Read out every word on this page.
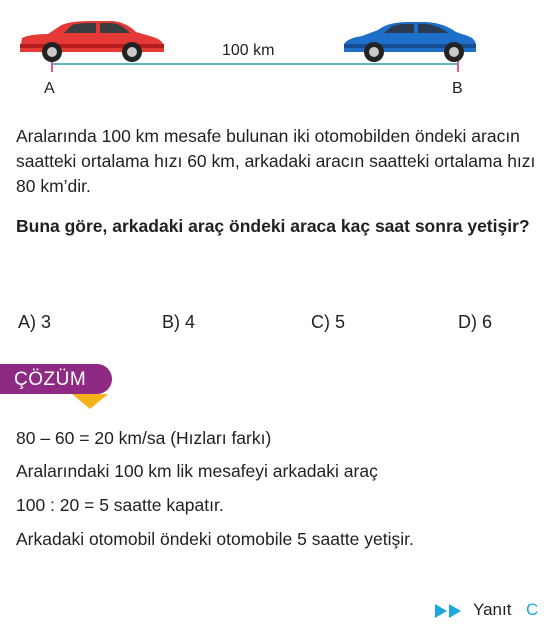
100 km
A	B

Aralarında 100 km mesafe bulunan iki otomobilden öndeki aracın saatteki ortalama hızı 60 km, arkadaki aracın saatteki ortalama hızı 80 km’dir.

Buna göre, arkadaki araç öndeki araca kaç saat sonra yetişir?

A) 3	B) 4	C) 5	D) 6
ÇÖZÜM
80 – 60 = 20 km/sa (Hızları farkı)
Aralarındaki 100 km lik mesafeyi arkadaki araç
100 : 20 = 5 saatte kapatır.
Arkadaki otomobil öndeki otomobile 5 saatte yetişir.
Yanıt C
